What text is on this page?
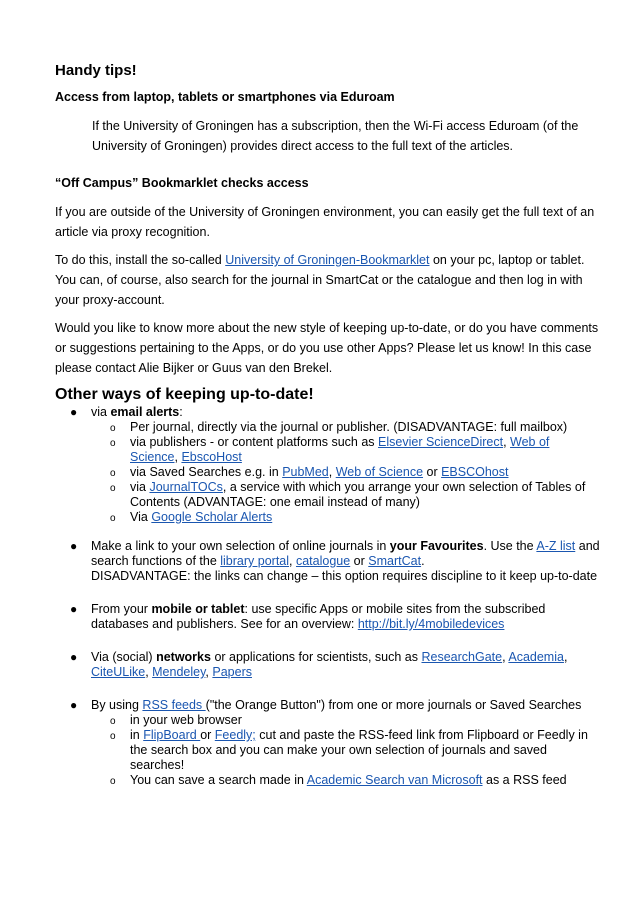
Handy tips!
Access from laptop, tablets or smartphones via Eduroam

If the University of Groningen has a subscription, then the Wi-Fi access Eduroam (of the University of Groningen) provides direct access to the full text of the articles.

“Off Campus” Bookmarklet checks access

If you are outside of the University of Groningen environment, you can easily get the full text of an article via proxy recognition.

To do this, install the so-called University of Groningen-Bookmarklet on your pc, laptop or tablet. You can, of course, also search for the journal in SmartCat or the catalogue and then log in with your proxy-account.

Would you like to know more about the new style of keeping up-to-date, or do you have comments or suggestions pertaining to the Apps, or do you use other Apps? Please let us know! In this case please contact Alie Bijker or Guus van den Brekel.

Other ways of keeping up-to-date!
● via email alerts:
o Per journal, directly via the journal or publisher. (DISADVANTAGE: full mailbox)
o via publishers - or content platforms such as Elsevier ScienceDirect, Web of Science, EbscoHost
o via Saved Searches e.g. in PubMed, Web of Science or EBSCOhost
o via JournalTOCs, a service with which you arrange your own selection of Tables of Contents (ADVANTAGE: one email instead of many)
o Via Google Scholar Alerts
● Make a link to your own selection of online journals in your Favourites. Use the A-Z list and search functions of the library portal, catalogue or SmartCat.
DISADVANTAGE: the links can change – this option requires discipline to it keep up-to-date
● From your mobile or tablet: use specific Apps or mobile sites from the subscribed databases and publishers. See for an overview: http://bit.ly/4mobiledevices
● Via (social) networks or applications for scientists, such as ResearchGate, Academia, CiteULike, Mendeley, Papers
● By using RSS feeds ("the Orange Button") from one or more journals or Saved Searches
o in your web browser
o in FlipBoard or Feedly; cut and paste the RSS-feed link from Flipboard or Feedly in the search box and you can make your own selection of journals and saved searches!
o You can save a search made in Academic Search van Microsoft as a RSS feed
